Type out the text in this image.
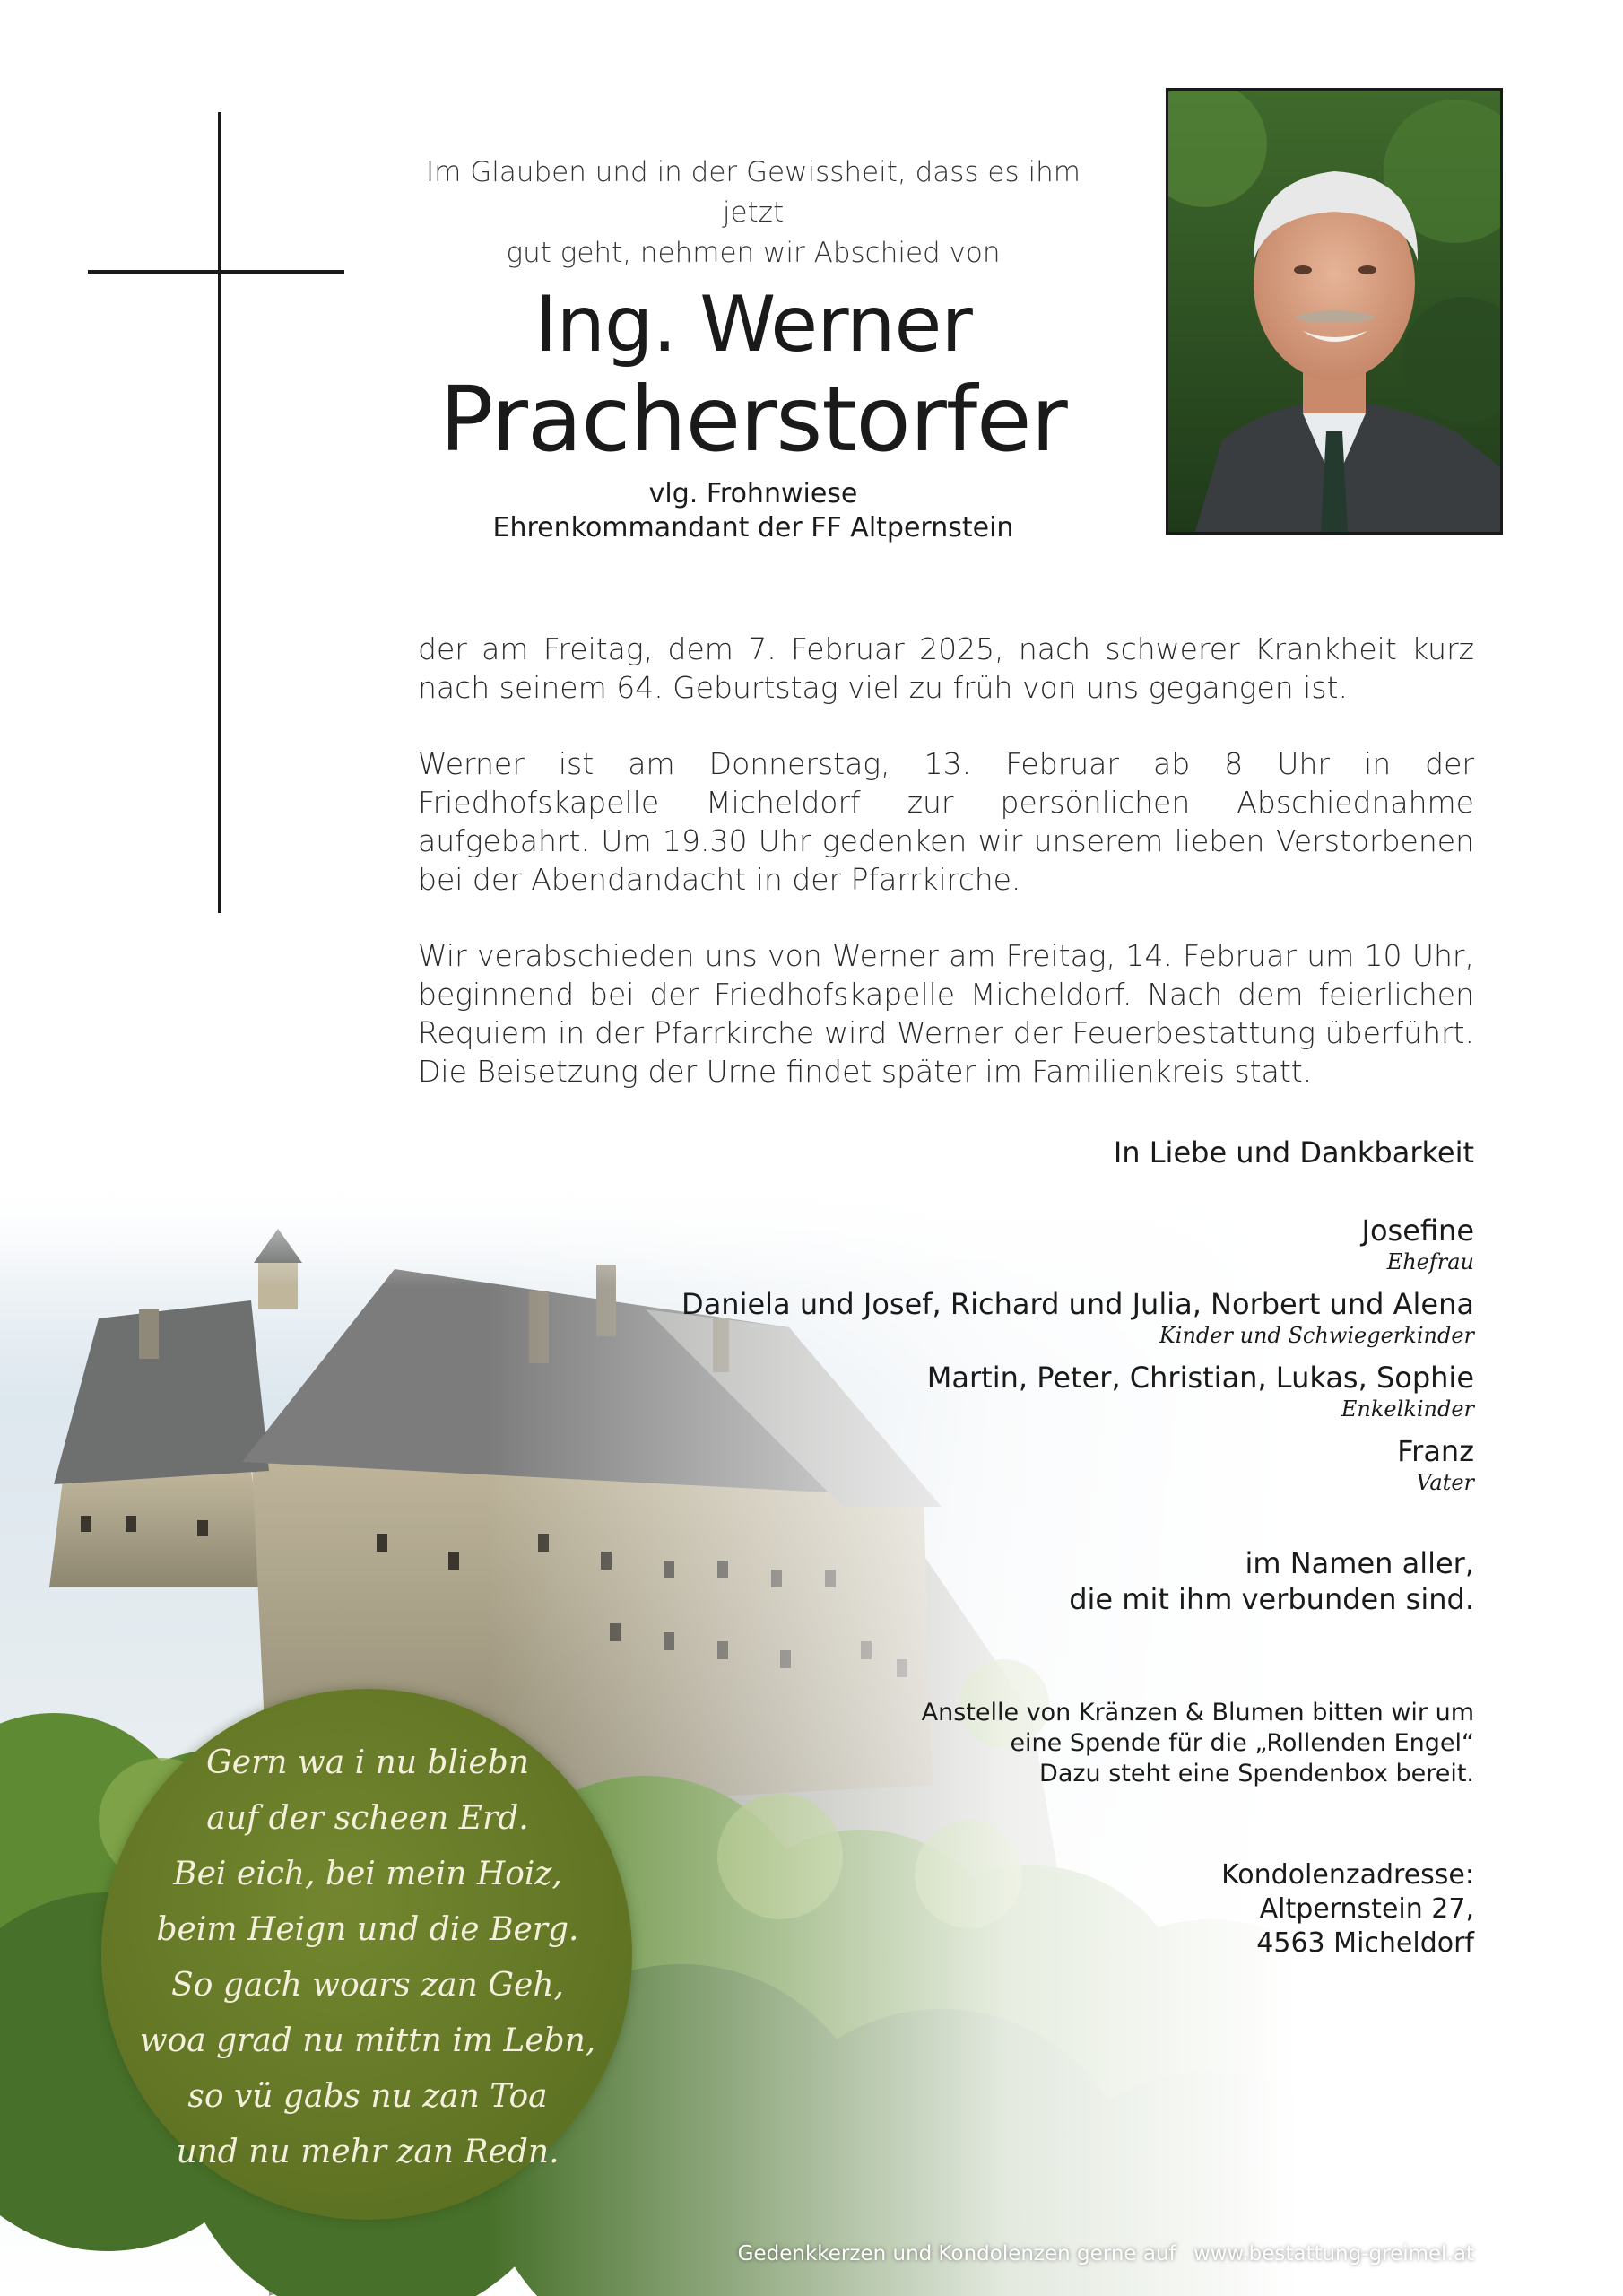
Im Glauben und in der Gewissheit, dass es ihm jetzt
gut geht, nehmen wir Abschied von
Ing. Werner
Pracherstorfer
vlg. Frohnwiese
Ehrenkommandant der FF Altpernstein

der am Freitag, dem 7. Februar 2025, nach schwerer Krankheit kurz nach seinem 64. Geburtstag viel zu früh von uns gegangen ist.

Werner ist am Donnerstag, 13. Februar ab 8 Uhr in der Friedhofskapelle Micheldorf zur persönlichen Abschiednahme aufgebahrt. Um 19.30 Uhr gedenken wir unserem lieben Verstorbenen bei der Abendandacht in der Pfarrkirche.

Wir verabschieden uns von Werner am Freitag, 14. Februar um 10 Uhr, beginnend bei der Friedhofskapelle Micheldorf. Nach dem feierlichen Requiem in der Pfarrkirche wird Werner der Feuerbestattung überführt. Die Beisetzung der Urne findet später im Familienkreis statt.

In Liebe und Dankbarkeit
Josefine
Ehefrau
Daniela und Josef, Richard und Julia, Norbert und Alena
Kinder und Schwiegerkinder
Martin, Peter, Christian, Lukas, Sophie
Enkelkinder
Franz
Vater
im Namen aller,
die mit ihm verbunden sind.
Anstelle von Kränzen & Blumen bitten wir um
eine Spende für die „Rollenden Engel“
Dazu steht eine Spendenbox bereit.
Kondolenzadresse:
Altpernstein 27,
4563 Micheldorf
Gern wa i nu bliebn
auf der scheen Erd.
Bei eich, bei mein Hoiz,
beim Heign und die Berg.
So gach woars zan Geh,
woa grad nu mittn im Lebn,
so vü gabs nu zan Toa
und nu mehr zan Redn.
Gedenkkerzen und Kondolenzen gerne auf www.bestattung-greimel.at
